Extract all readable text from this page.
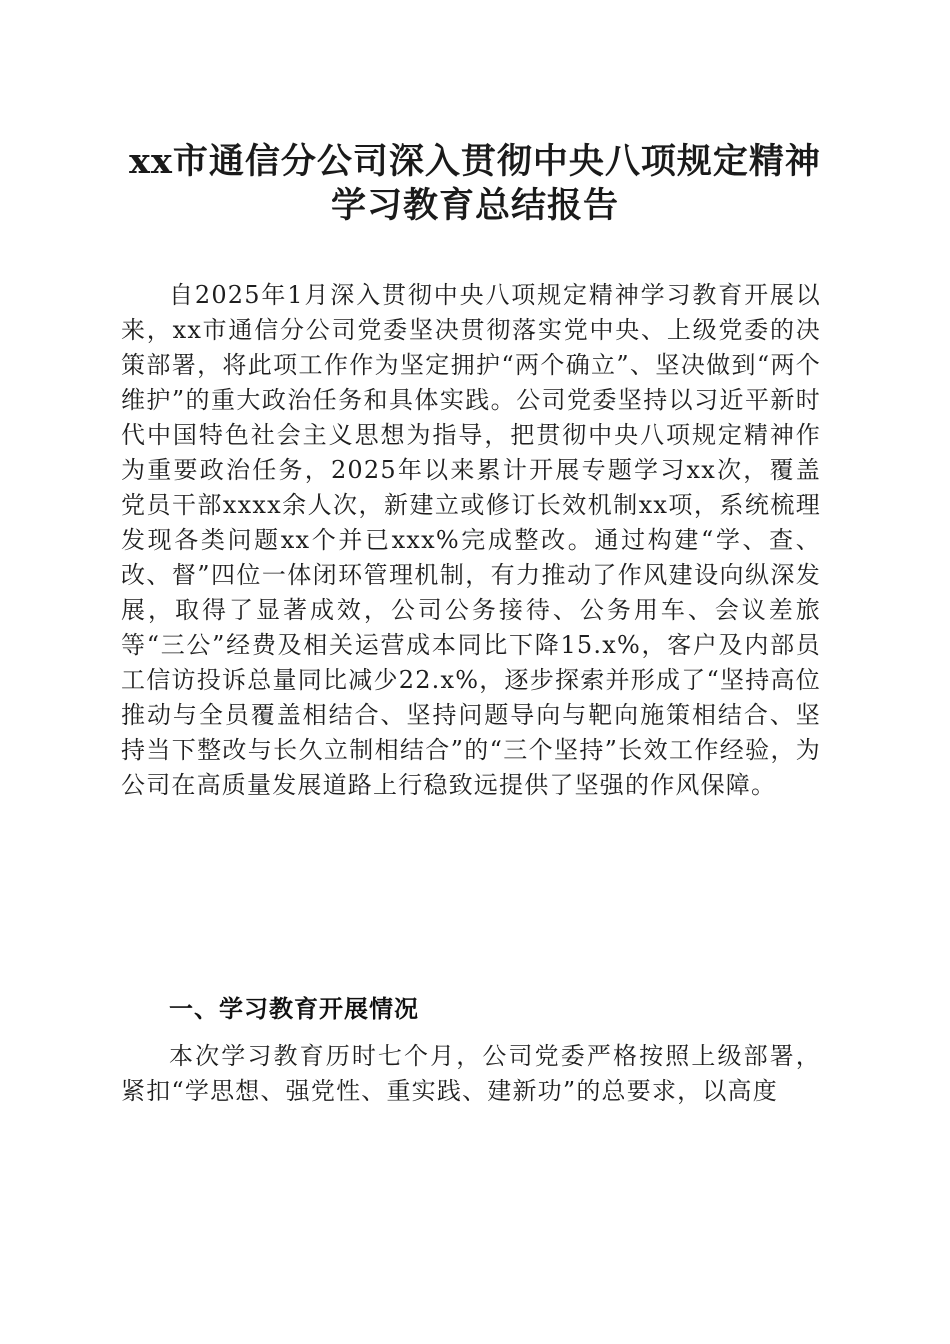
xx市通信分公司深入贯彻中央八项规定精神
学习教育总结报告

自2025年1月深入贯彻中央八项规定精神学习教育开展以来，xx市通信分公司党委坚决贯彻落实党中央、上级党委的决策部署，将此项工作作为坚定拥护“两个确立”、坚决做到“两个维护”的重大政治任务和具体实践。公司党委坚持以习近平新时代中国特色社会主义思想为指导，把贯彻中央八项规定精神作为重要政治任务，2025年以来累计开展专题学习xx次，覆盖党员干部xxxx余人次，新建立或修订长效机制xx项，系统梳理发现各类问题xx个并已xxx%完成整改。通过构建“学、查、改、督”四位一体闭环管理机制，有力推动了作风建设向纵深发展，取得了显著成效，公司公务接待、公务用车、会议差旅等“三公”经费及相关运营成本同比下降15.x%，客户及内部员工信访投诉总量同比减少22.x%，逐步探索并形成了“坚持高位推动与全员覆盖相结合、坚持问题导向与靶向施策相结合、坚持当下整改与长久立制相结合”的“三个坚持”长效工作经验，为公司在高质量发展道路上行稳致远提供了坚强的作风保障。

一、学习教育开展情况

本次学习教育历时七个月，公司党委严格按照上级部署，紧扣“学思想、强党性、重实践、建新功”的总要求，以高度
